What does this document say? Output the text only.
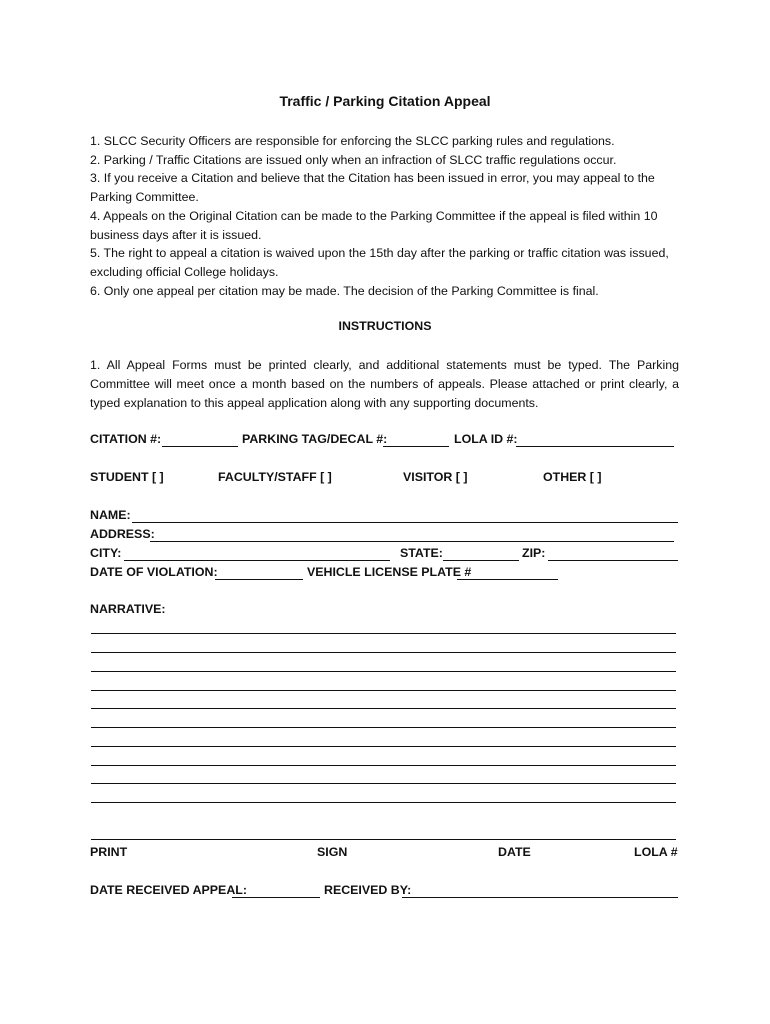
Traffic / Parking Citation Appeal

1. SLCC Security Officers are responsible for enforcing the SLCC parking rules and regulations.

2. Parking / Traffic Citations are issued only when an infraction of SLCC traffic regulations occur.

3. If you receive a Citation and believe that the Citation has been issued in error, you may appeal to the Parking Committee.

4. Appeals on the Original Citation can be made to the Parking Committee if the appeal is filed within 10 business days after it is issued.

5. The right to appeal a citation is waived upon the 15th day after the parking or traffic citation was issued, excluding official College holidays.

6. Only one appeal per citation may be made. The decision of the Parking Committee is final.

INSTRUCTIONS

1. All Appeal Forms must be printed clearly, and additional statements must be typed. The Parking Committee will meet once a month based on the numbers of appeals. Please attached or print clearly, a typed explanation to this appeal application along with any supporting documents.

CITATION #:	PARKING TAG/DECAL #:	LOLA ID #:
STUDENT [ ]	FACULTY/STAFF [ ]	VISITOR [ ]	OTHER [ ]
NAME:
ADDRESS:
CITY:	STATE:	ZIP:
DATE OF VIOLATION:	VEHICLE LICENSE PLATE #
NARRATIVE:
PRINT	SIGN	DATE	LOLA #
DATE RECEIVED APPEAL:	RECEIVED BY:
